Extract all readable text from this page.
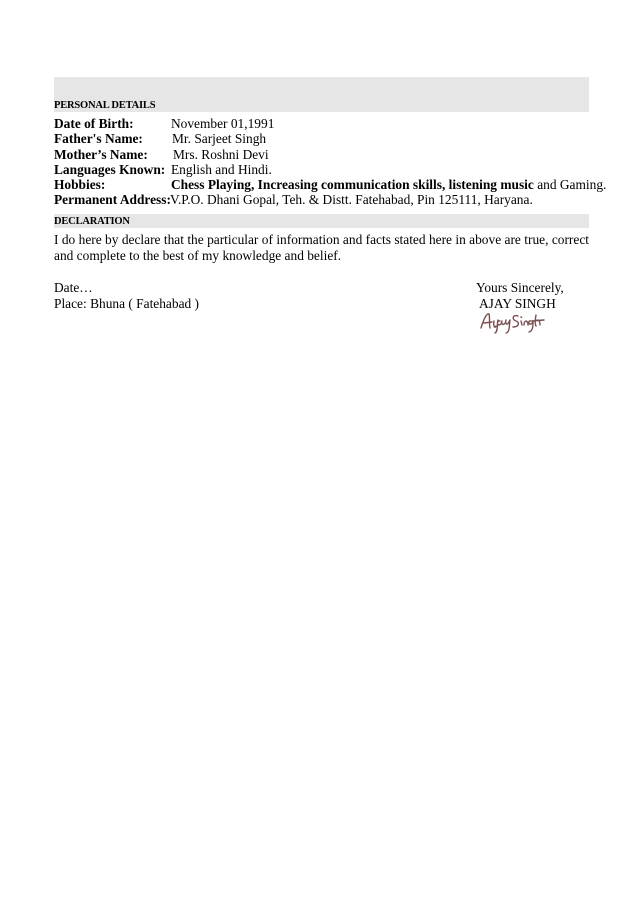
PERSONAL DETAILS
Date of Birth:	November 01,1991
Father's Name: Mr. Sarjeet Singh
Mother’s Name: Mrs. Roshni Devi
Languages Known: English and Hindi.
Hobbies:	Chess Playing, Increasing communication skills, listening music and Gaming.
Permanent Address:V.P.O. Dhani Gopal, Teh. & Distt. Fatehabad, Pin 125111, Haryana.
DECLARATION
I do here by declare that the particular of information and facts stated here in above are true, correct and complete to the best of my knowledge and belief.
Date…
Place: Bhuna ( Fatehabad )
Yours Sincerely,
AJAY SINGH
